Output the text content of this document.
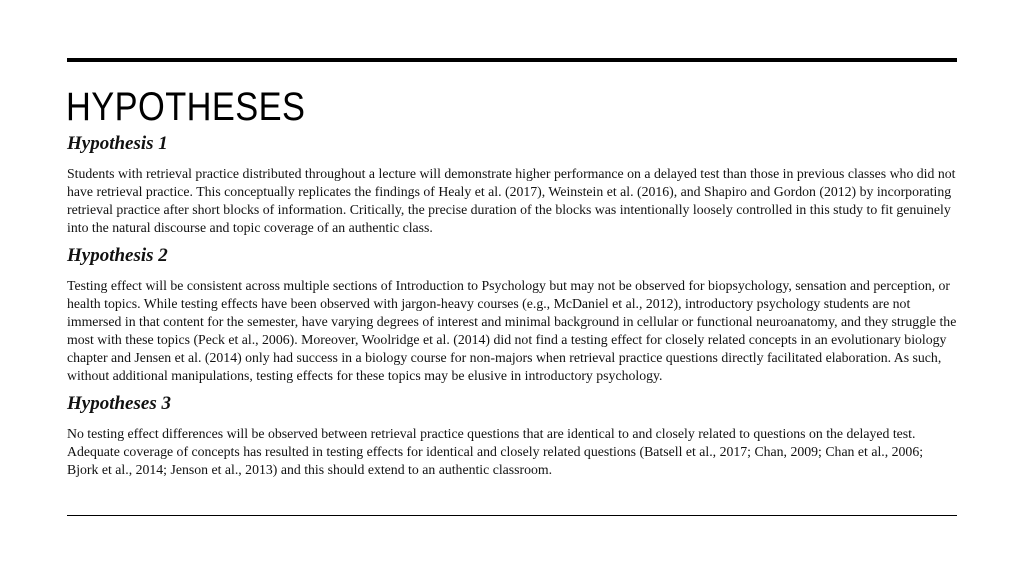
HYPOTHESES
Hypothesis 1

Students with retrieval practice distributed throughout a lecture will demonstrate higher performance on a delayed test than those in previous classes who did not have retrieval practice. This conceptually replicates the findings of Healy et al. (2017), Weinstein et al. (2016), and Shapiro and Gordon (2012) by incorporating retrieval practice after short blocks of information. Critically, the precise duration of the blocks was intentionally loosely controlled in this study to fit genuinely into the natural discourse and topic coverage of an authentic class.

Hypothesis 2

Testing effect will be consistent across multiple sections of Introduction to Psychology but may not be observed for biopsychology, sensation and perception, or health topics. While testing effects have been observed with jargon-heavy courses (e.g., McDaniel et al., 2012), introductory psychology students are not immersed in that content for the semester, have varying degrees of interest and minimal background in cellular or functional neuroanatomy, and they struggle the most with these topics (Peck et al., 2006). Moreover, Woolridge et al. (2014) did not find a testing effect for closely related concepts in an evolutionary biology chapter and Jensen et al. (2014) only had success in a biology course for non-majors when retrieval practice questions directly facilitated elaboration. As such, without additional manipulations, testing effects for these topics may be elusive in introductory psychology.

Hypotheses 3

No testing effect differences will be observed between retrieval practice questions that are identical to and closely related to questions on the delayed test. Adequate coverage of concepts has resulted in testing effects for identical and closely related questions (Batsell et al., 2017; Chan, 2009; Chan et al., 2006; Bjork et al., 2014; Jenson et al., 2013) and this should extend to an authentic classroom.
